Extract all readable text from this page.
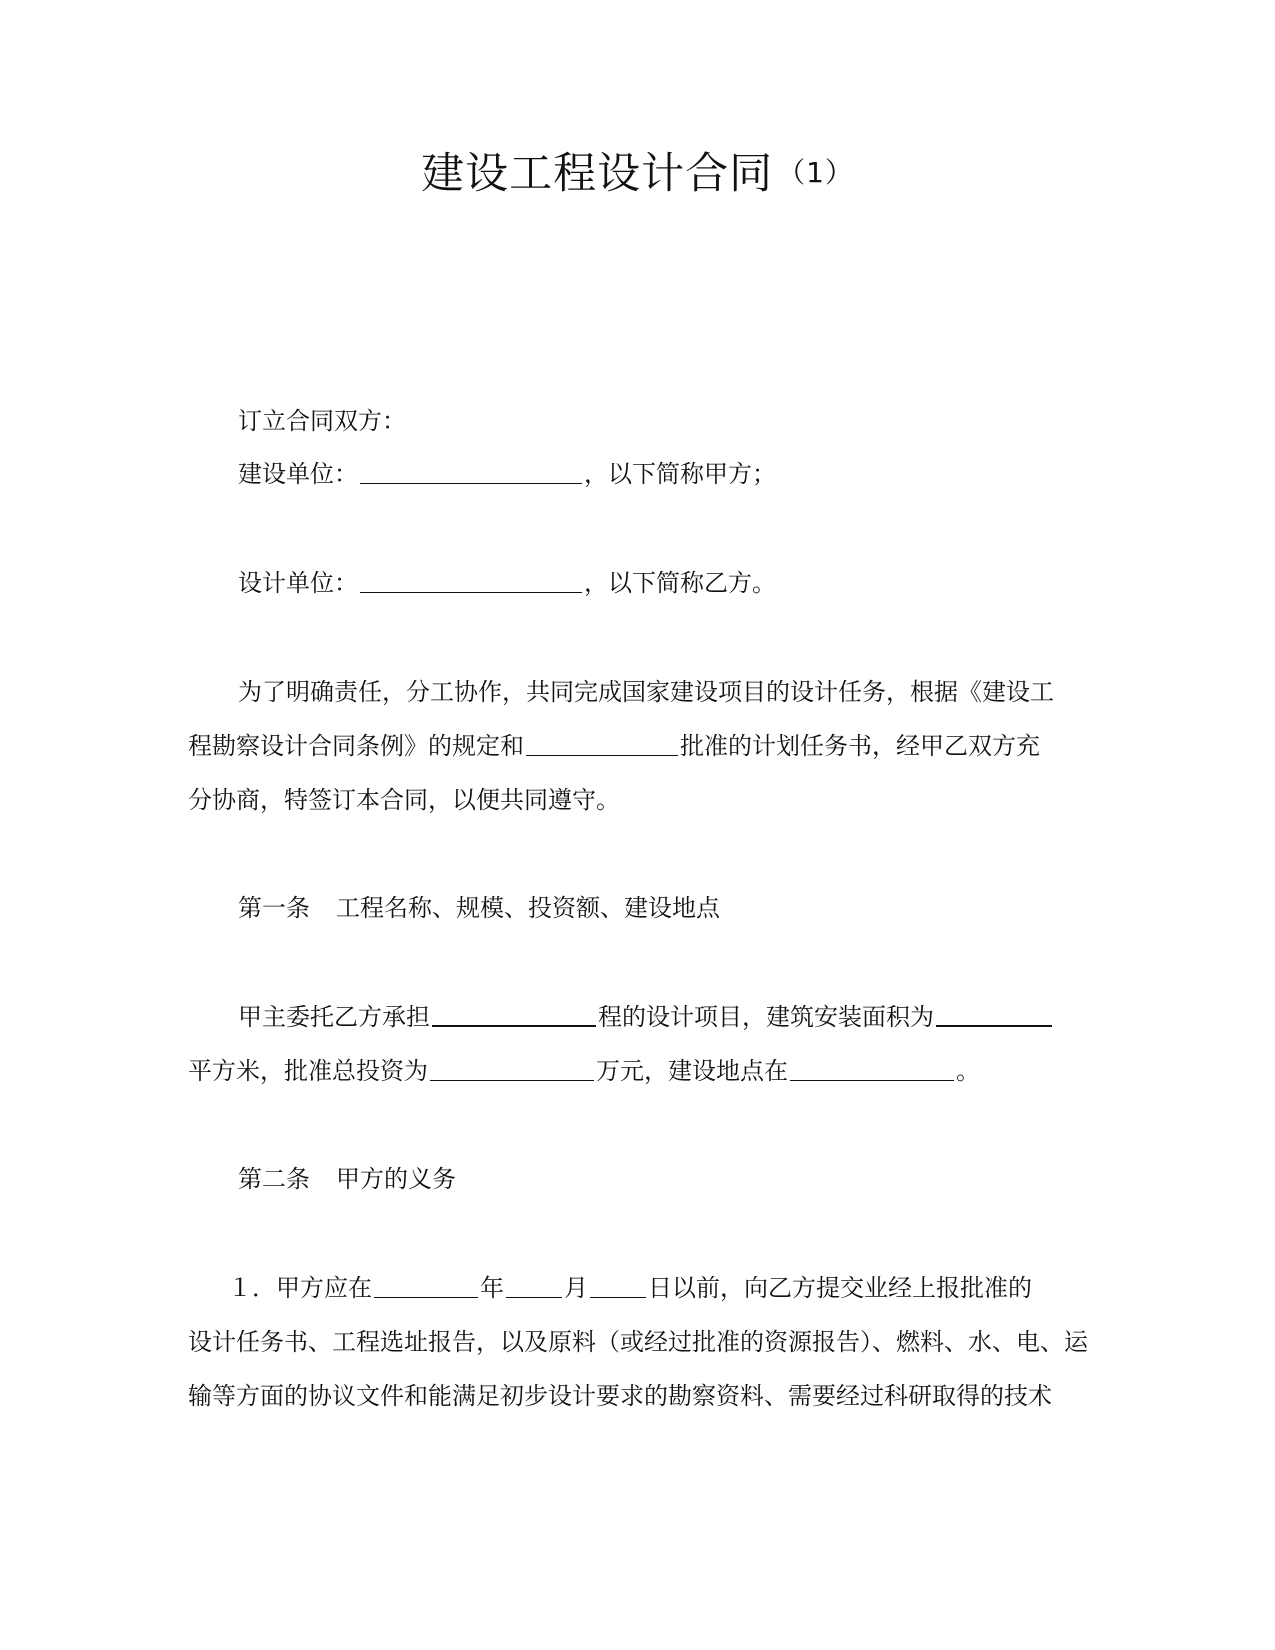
建设工程设计合同 （1）
订立合同双方：
建设单位：	，以下简称甲方；
设计单位：	，以下简称乙方。
为了明确责任，分工协作，共同完成国家建设项目的设计任务，根据《建设工
程勘察设计合同条例》的规定和	批准的计划任务书，经甲乙双方充
分协商，特签订本合同，以便共同遵守。
第一条 工程名称、规模、投资额、建设地点
甲主委托乙方承担	程的设计项目，建筑安装面积为
平方米，批准总投资为	万元，建设地点在	。
第二条 甲方的义务
１．甲方应在	年	月	日以前，向乙方提交业经上报批准的
设计任务书、工程选址报告，以及原料（或经过批准的资源报告）、燃料、水、电、运
输等方面的协议文件和能满足初步设计要求的勘察资料、需要经过科研取得的技术
